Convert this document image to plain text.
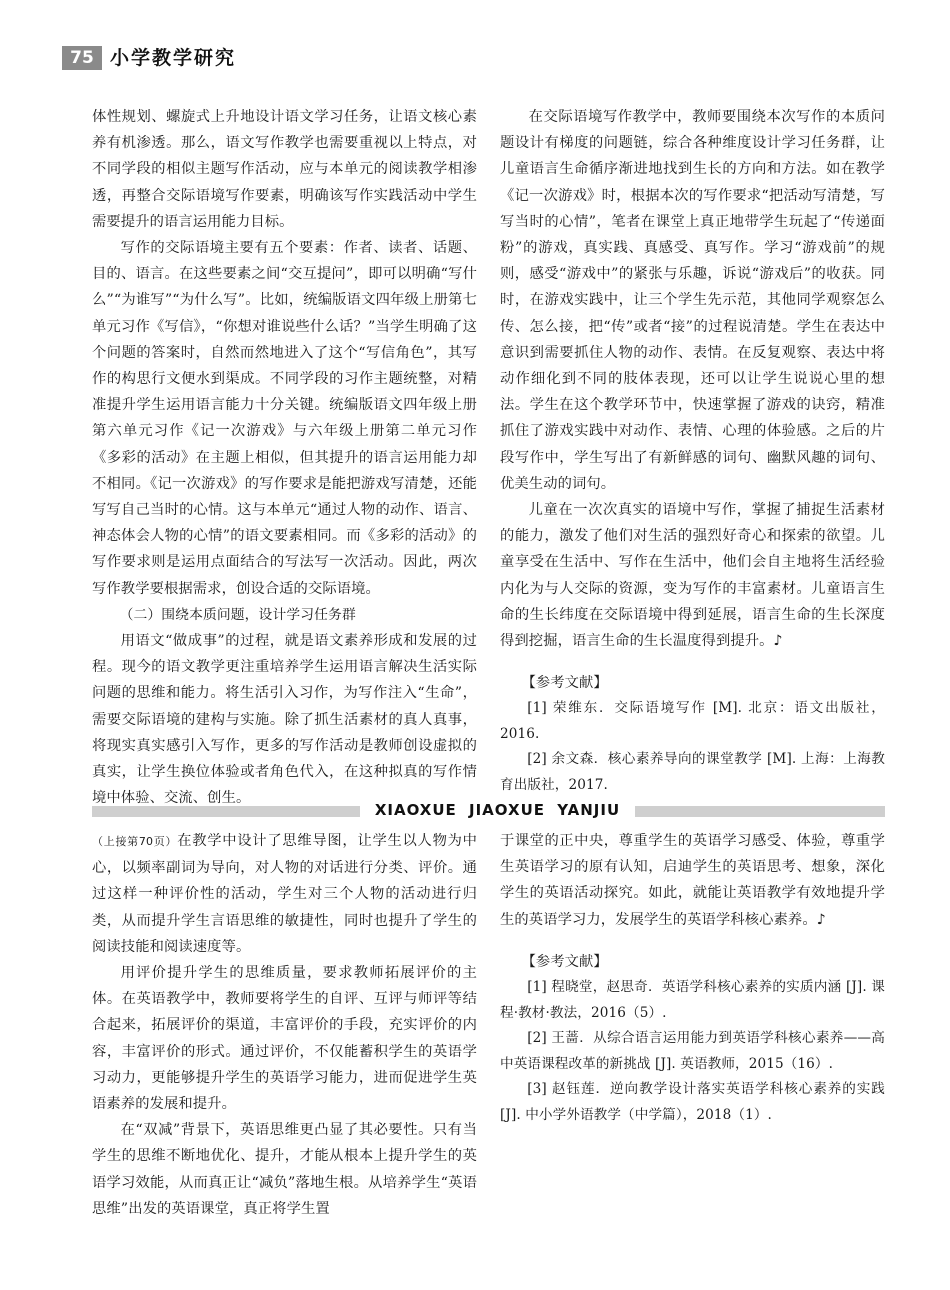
75 小学教学研究

体性规划、螺旋式上升地设计语文学习任务，让语文核心素养有机渗透。那么，语文写作教学也需要重视以上特点，对不同学段的相似主题写作活动，应与本单元的阅读教学相渗透，再整合交际语境写作要素，明确该写作实践活动中学生需要提升的语言运用能力目标。

写作的交际语境主要有五个要素：作者、读者、话题、目的、语言。在这些要素之间“交互提问”，即可以明确“写什么”“为谁写”“为什么写”。比如，统编版语文四年级上册第七单元习作《写信》，“你想对谁说些什么话？”当学生明确了这个问题的答案时，自然而然地进入了这个“写信角色”，其写作的构思行文便水到渠成。不同学段的习作主题统整，对精准提升学生运用语言能力十分关键。统编版语文四年级上册第六单元习作《记一次游戏》与六年级上册第二单元习作《多彩的活动》在主题上相似，但其提升的语言运用能力却不相同。《记一次游戏》的写作要求是能把游戏写清楚，还能写写自己当时的心情。这与本单元“通过人物的动作、语言、神态体会人物的心情”的语文要素相同。而《多彩的活动》的写作要求则是运用点面结合的写法写一次活动。因此，两次写作教学要根据需求，创设合适的交际语境。

（二）围绕本质问题，设计学习任务群

用语文“做成事”的过程，就是语文素养形成和发展的过程。现今的语文教学更注重培养学生运用语言解决生活实际问题的思维和能力。将生活引入习作，为写作注入“生命”，需要交际语境的建构与实施。除了抓生活素材的真人真事，将现实真实感引入写作，更多的写作活动是教师创设虚拟的真实，让学生换位体验或者角色代入，在这种拟真的写作情境中体验、交流、创生。

在交际语境写作教学中，教师要围绕本次写作的本质问题设计有梯度的问题链，综合各种维度设计学习任务群，让儿童语言生命循序渐进地找到生长的方向和方法。如在教学《记一次游戏》时，根据本次的写作要求“把活动写清楚，写写当时的心情”，笔者在课堂上真正地带学生玩起了“传递面粉”的游戏，真实践、真感受、真写作。学习“游戏前”的规则，感受“游戏中”的紧张与乐趣，诉说“游戏后”的收获。同时，在游戏实践中，让三个学生先示范，其他同学观察怎么传、怎么接，把“传”或者“接”的过程说清楚。学生在表达中意识到需要抓住人物的动作、表情。在反复观察、表达中将动作细化到不同的肢体表现，还可以让学生说说心里的想法。学生在这个教学环节中，快速掌握了游戏的诀窍，精准抓住了游戏实践中对动作、表情、心理的体验感。之后的片段写作中，学生写出了有新鲜感的词句、幽默风趣的词句、优美生动的词句。

儿童在一次次真实的语境中写作，掌握了捕捉生活素材的能力，激发了他们对生活的强烈好奇心和探索的欲望。儿童享受在生活中、写作在生活中，他们会自主地将生活经验内化为与人交际的资源，变为写作的丰富素材。儿童语言生命的生长纬度在交际语境中得到延展，语言生命的生长深度得到挖掘，语言生命的生长温度得到提升。♪

【参考文献】

[1] 荣维东．交际语境写作 [M]. 北京：语文出版社，2016.

[2] 余文森．核心素养导向的课堂教学 [M]. 上海：上海教育出版社，2017.

XIAOXUE JIAOXUE YANJIU

（上接第70页）在教学中设计了思维导图，让学生以人物为中心，以频率副词为导向，对人物的对话进行分类、评价。通过这样一种评价性的活动，学生对三个人物的活动进行归类，从而提升学生言语思维的敏捷性，同时也提升了学生的阅读技能和阅读速度等。

用评价提升学生的思维质量，要求教师拓展评价的主体。在英语教学中，教师要将学生的自评、互评与师评等结合起来，拓展评价的渠道，丰富评价的手段，充实评价的内容，丰富评价的形式。通过评价，不仅能蓄积学生的英语学习动力，更能够提升学生的英语学习能力，进而促进学生英语素养的发展和提升。

在“双减”背景下，英语思维更凸显了其必要性。只有当学生的思维不断地优化、提升，才能从根本上提升学生的英语学习效能，从而真正让“减负”落地生根。从培养学生“英语思维”出发的英语课堂，真正将学生置

于课堂的正中央，尊重学生的英语学习感受、体验，尊重学生英语学习的原有认知，启迪学生的英语思考、想象，深化学生的英语活动探究。如此，就能让英语教学有效地提升学生的英语学习力，发展学生的英语学科核心素养。♪

【参考文献】

[1] 程晓堂，赵思奇．英语学科核心素养的实质内涵 [J]. 课程·教材·教法，2016（5）.

[2] 王蔷．从综合语言运用能力到英语学科核心素养——高中英语课程改革的新挑战 [J]. 英语教师，2015（16）.

[3] 赵钰莲．逆向教学设计落实英语学科核心素养的实践 [J]. 中小学外语教学（中学篇），2018（1）.
